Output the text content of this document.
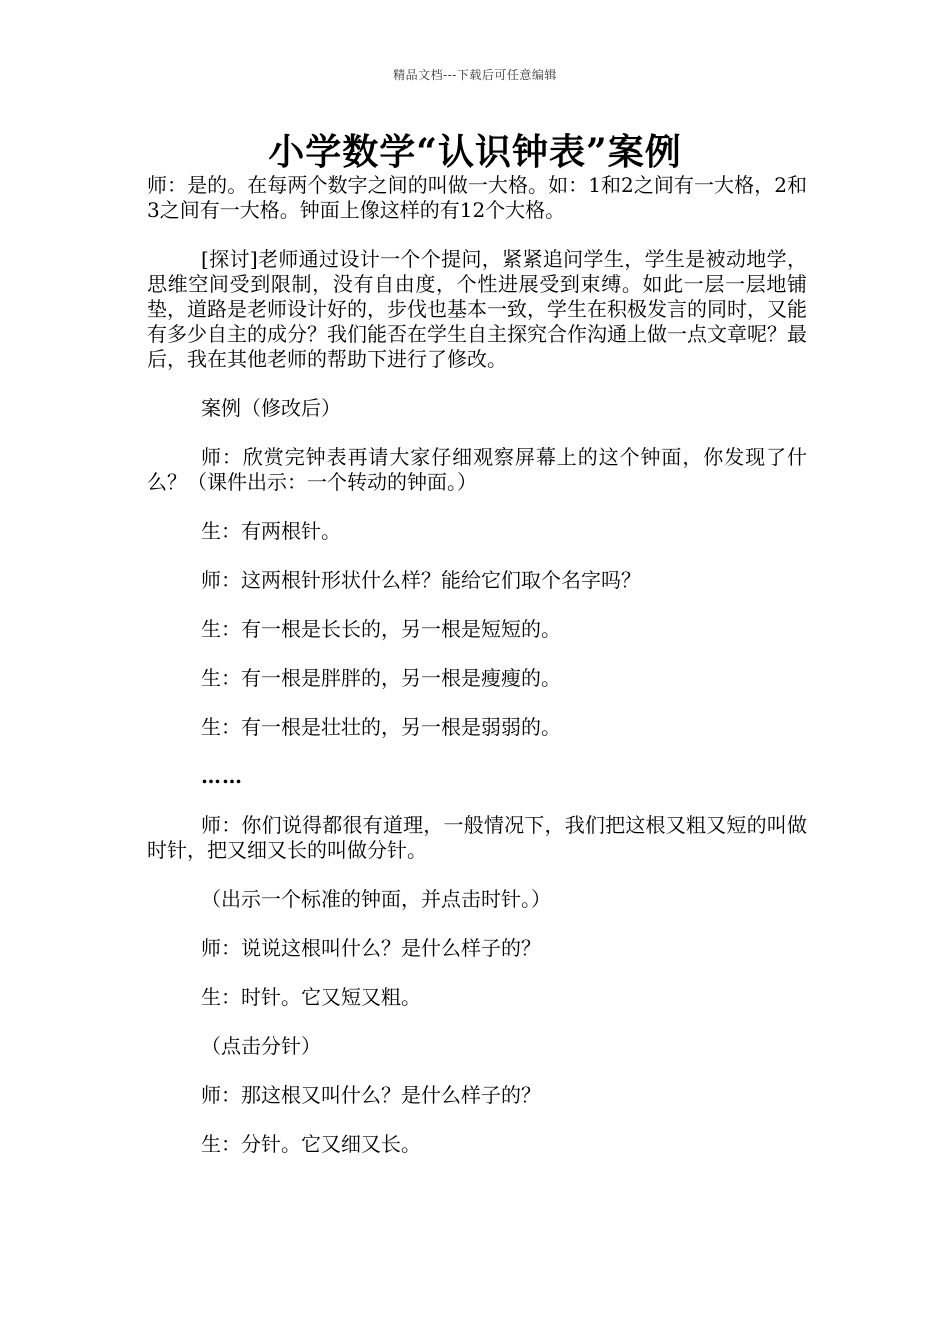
精品文档---下载后可任意编辑
小学数学“认识钟表”案例

师：是的。在每两个数字之间的叫做一大格。如：1和2之间有一大格，2和3之间有一大格。钟面上像这样的有12个大格。

[探讨]老师通过设计一个个提问，紧紧追问学生，学生是被动地学，思维空间受到限制，没有自由度，个性进展受到束缚。如此一层一层地铺垫，道路是老师设计好的，步伐也基本一致，学生在积极发言的同时，又能有多少自主的成分？我们能否在学生自主探究合作沟通上做一点文章呢？最后，我在其他老师的帮助下进行了修改。

案例（修改后）

师：欣赏完钟表再请大家仔细观察屏幕上的这个钟面，你发现了什么？（课件出示：一个转动的钟面。）

生：有两根针。

师：这两根针形状什么样？能给它们取个名字吗？

生：有一根是长长的，另一根是短短的。

生：有一根是胖胖的，另一根是瘦瘦的。

生：有一根是壮壮的，另一根是弱弱的。

……

师：你们说得都很有道理，一般情况下，我们把这根又粗又短的叫做时针，把又细又长的叫做分针。

（出示一个标准的钟面，并点击时针。）

师：说说这根叫什么？是什么样子的？

生：时针。它又短又粗。

（点击分针）

师：那这根又叫什么？是什么样子的？

生：分针。它又细又长。
